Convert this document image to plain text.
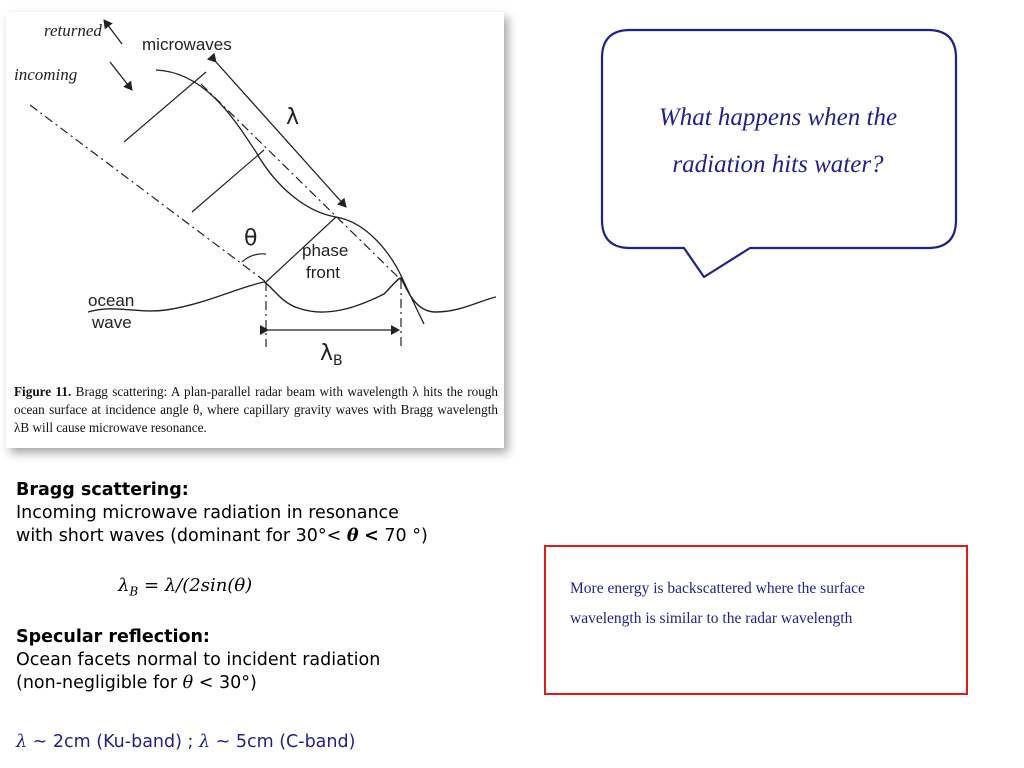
returned
microwaves
incoming
λ
θ	phase
front
ocean
wave
$\lambda_B$
Figure 11. Bragg scattering: A plan-parallel radar beam with wavelength λ hits the rough ocean surface at incidence angle θ, where capillary gravity waves with Bragg wavelength λB will cause microwave resonance.
Bragg scattering:
Incoming microwave radiation in resonance
with short waves (dominant for 30°< θ < 70 °)
$\lambda_B = \lambda/(2\sin(\theta)$
Specular reflection:
Ocean facets normal to incident radiation
(non-negligible for θ < 30°)
λ ~ 2cm (Ku-band) ; λ ~ 5cm (C-band)
What happens when the
radiation hits water?
More energy is backscattered where the surface
wavelength is similar to the radar wavelength
